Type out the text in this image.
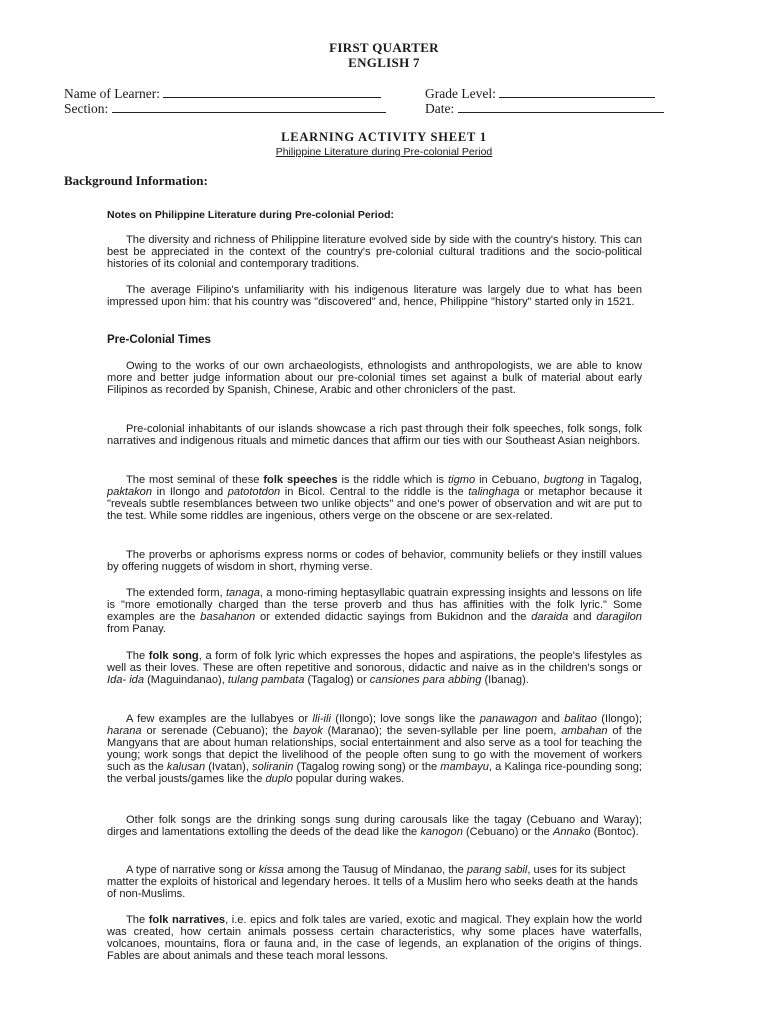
FIRST QUARTER
ENGLISH 7
Name of Learner:
Section:
Grade Level:
Date:
LEARNING ACTIVITY SHEET 1
Philippine Literature during Pre-colonial Period
Background Information:
Notes on Philippine Literature during Pre-colonial Period:

The diversity and richness of Philippine literature evolved side by side with the country's history. This can best be appreciated in the context of the country's pre-colonial cultural traditions and the socio-political histories of its colonial and contemporary traditions.

The average Filipino's unfamiliarity with his indigenous literature was largely due to what has been impressed upon him: that his country was "discovered" and, hence, Philippine "history" started only in 1521.

Pre-Colonial Times

Owing to the works of our own archaeologists, ethnologists and anthropologists, we are able to know more and better judge information about our pre-colonial times set against a bulk of material about early Filipinos as recorded by Spanish, Chinese, Arabic and other chroniclers of the past.

Pre-colonial inhabitants of our islands showcase a rich past through their folk speeches, folk songs, folk narratives and indigenous rituals and mimetic dances that affirm our ties with our Southeast Asian neighbors.

The most seminal of these folk speeches is the riddle which is tigmo in Cebuano, bugtong in Tagalog, paktakon in Ilongo and patototdon in Bicol. Central to the riddle is the talinghaga or metaphor because it "reveals subtle resemblances between two unlike objects" and one's power of observation and wit are put to the test. While some riddles are ingenious, others verge on the obscene or are sex-related.

The proverbs or aphorisms express norms or codes of behavior, community beliefs or they instill values by offering nuggets of wisdom in short, rhyming verse.

The extended form, tanaga, a mono-riming heptasyllabic quatrain expressing insights and lessons on life is "more emotionally charged than the terse proverb and thus has affinities with the folk lyric." Some examples are the basahanon or extended didactic sayings from Bukidnon and the daraida and daragilon from Panay.

The folk song, a form of folk lyric which expresses the hopes and aspirations, the people's lifestyles as well as their loves. These are often repetitive and sonorous, didactic and naive as in the children's songs or Ida- ida (Maguindanao), tulang pambata (Tagalog) or cansiones para abbing (Ibanag).

A few examples are the lullabyes or lli-ili (Ilongo); love songs like the panawagon and balitao (Ilongo); harana or serenade (Cebuano); the bayok (Maranao); the seven-syllable per line poem, ambahan of the Mangyans that are about human relationships, social entertainment and also serve as a tool for teaching the young; work songs that depict the livelihood of the people often sung to go with the movement of workers such as the kalusan (Ivatan), soliranin (Tagalog rowing song) or the mambayu, a Kalinga rice-pounding song; the verbal jousts/games like the duplo popular during wakes.

Other folk songs are the drinking songs sung during carousals like the tagay (Cebuano and Waray); dirges and lamentations extolling the deeds of the dead like the kanogon (Cebuano) or the Annako (Bontoc).

A type of narrative song or kissa among the Tausug of Mindanao, the parang sabil, uses for its subject matter the exploits of historical and legendary heroes. It tells of a Muslim hero who seeks death at the hands of non-Muslims.

The folk narratives, i.e. epics and folk tales are varied, exotic and magical. They explain how the world was created, how certain animals possess certain characteristics, why some places have waterfalls, volcanoes, mountains, flora or fauna and, in the case of legends, an explanation of the origins of things. Fables are about animals and these teach moral lessons.
